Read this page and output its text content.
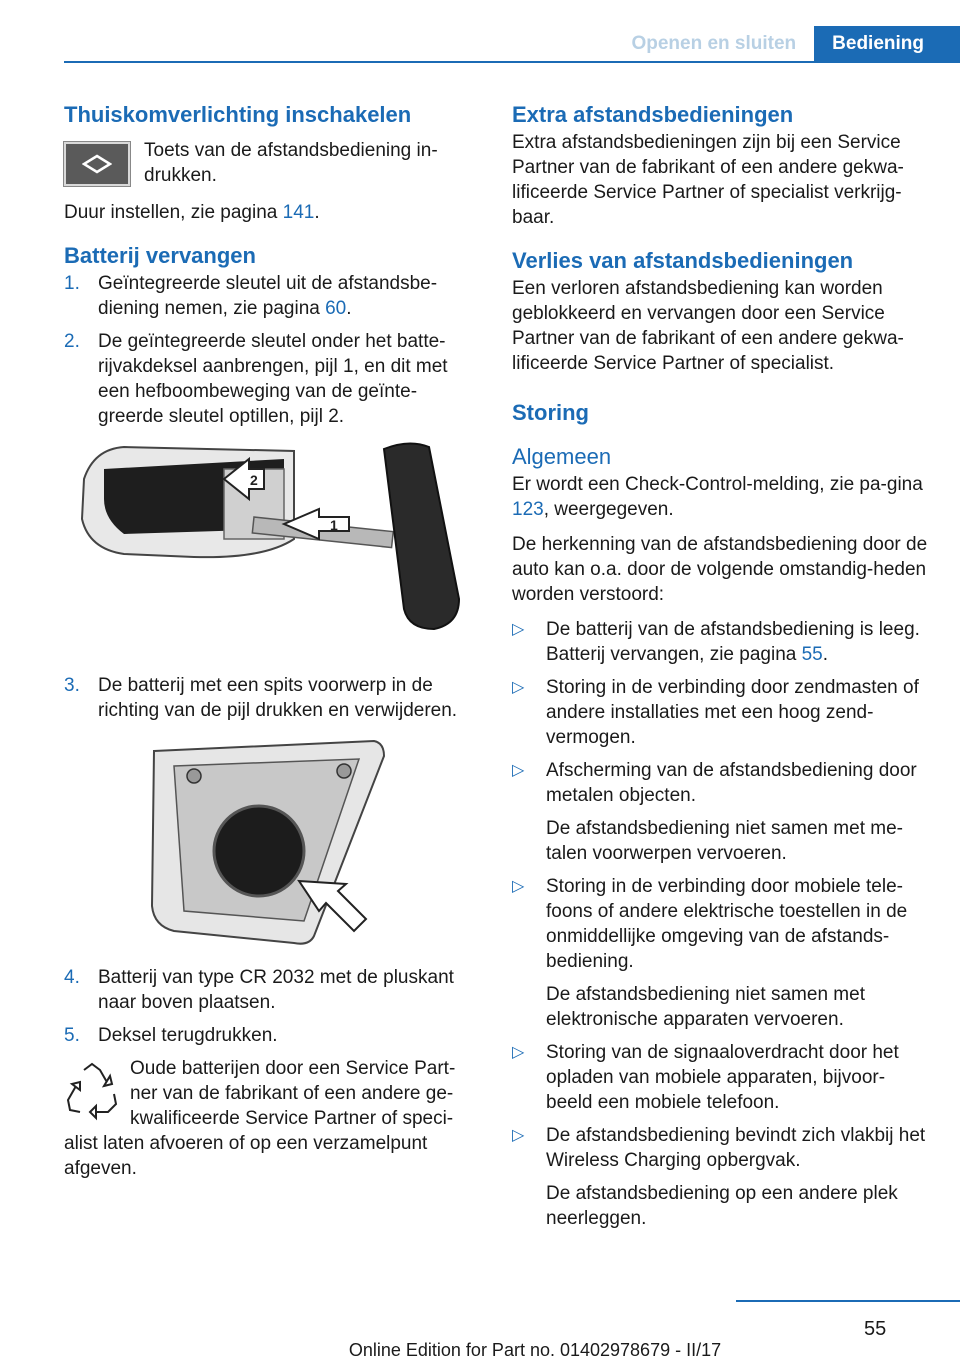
Openen en sluiten	Bediening
Thuiskomverlichting inschakelen
Toets van de afstandsbediening in-drukken.

Duur instellen, zie pagina 141.

Batterij vervangen
1. Geïntegreerde sleutel uit de afstandsbe-diening nemen, zie pagina 60.
2. De geïntegreerde sleutel onder het batte-rijvakdeksel aanbrengen, pijl 1, en dit met een hefboombeweging van de geïnte-greerde sleutel optillen, pijl 2.
1
2
3. De batterij met een spits voorwerp in de richting van de pijl drukken en verwijderen.
4. Batterij van type CR 2032 met de pluskant naar boven plaatsen.
5. Deksel terugdrukken.
Oude batterijen door een Service Part-ner van de fabrikant of een andere ge-kwalificeerde Service Partner of speci-alist laten afvoeren of op een verzamelpunt afgeven.
Extra afstandsbedieningen

Extra afstandsbedieningen zijn bij een Service Partner van de fabrikant of een andere gekwa-lificeerde Service Partner of specialist verkrijg-baar.

Verlies van afstandsbedieningen

Een verloren afstandsbediening kan worden geblokkeerd en vervangen door een Service Partner van de fabrikant of een andere gekwa-lificeerde Service Partner of specialist.

Storing
Algemeen

Er wordt een Check-Control-melding, zie pa-gina 123, weergegeven.

De herkenning van de afstandsbediening door de auto kan o.a. door de volgende omstandig-heden worden verstoord:

▷	De batterij van de afstandsbediening is leeg. Batterij vervangen, zie pagina 55.
▷	Storing in de verbinding door zendmasten of andere installaties met een hoog zend-vermogen.
▷	Afscherming van de afstandsbediening door metalen objecten.
De afstandsbediening niet samen met me-talen voorwerpen vervoeren.
▷	Storing in de verbinding door mobiele tele-foons of andere elektrische toestellen in de onmiddellijke omgeving van de afstands-bediening.
De afstandsbediening niet samen met elektronische apparaten vervoeren.
▷	Storing van de signaaloverdracht door het opladen van mobiele apparaten, bijvoor-beeld een mobiele telefoon.
▷	De afstandsbediening bevindt zich vlakbij het Wireless Charging opbergvak.
De afstandsbediening op een andere plek neerleggen.
55
Online Edition for Part no. 01402978679 - II/17
